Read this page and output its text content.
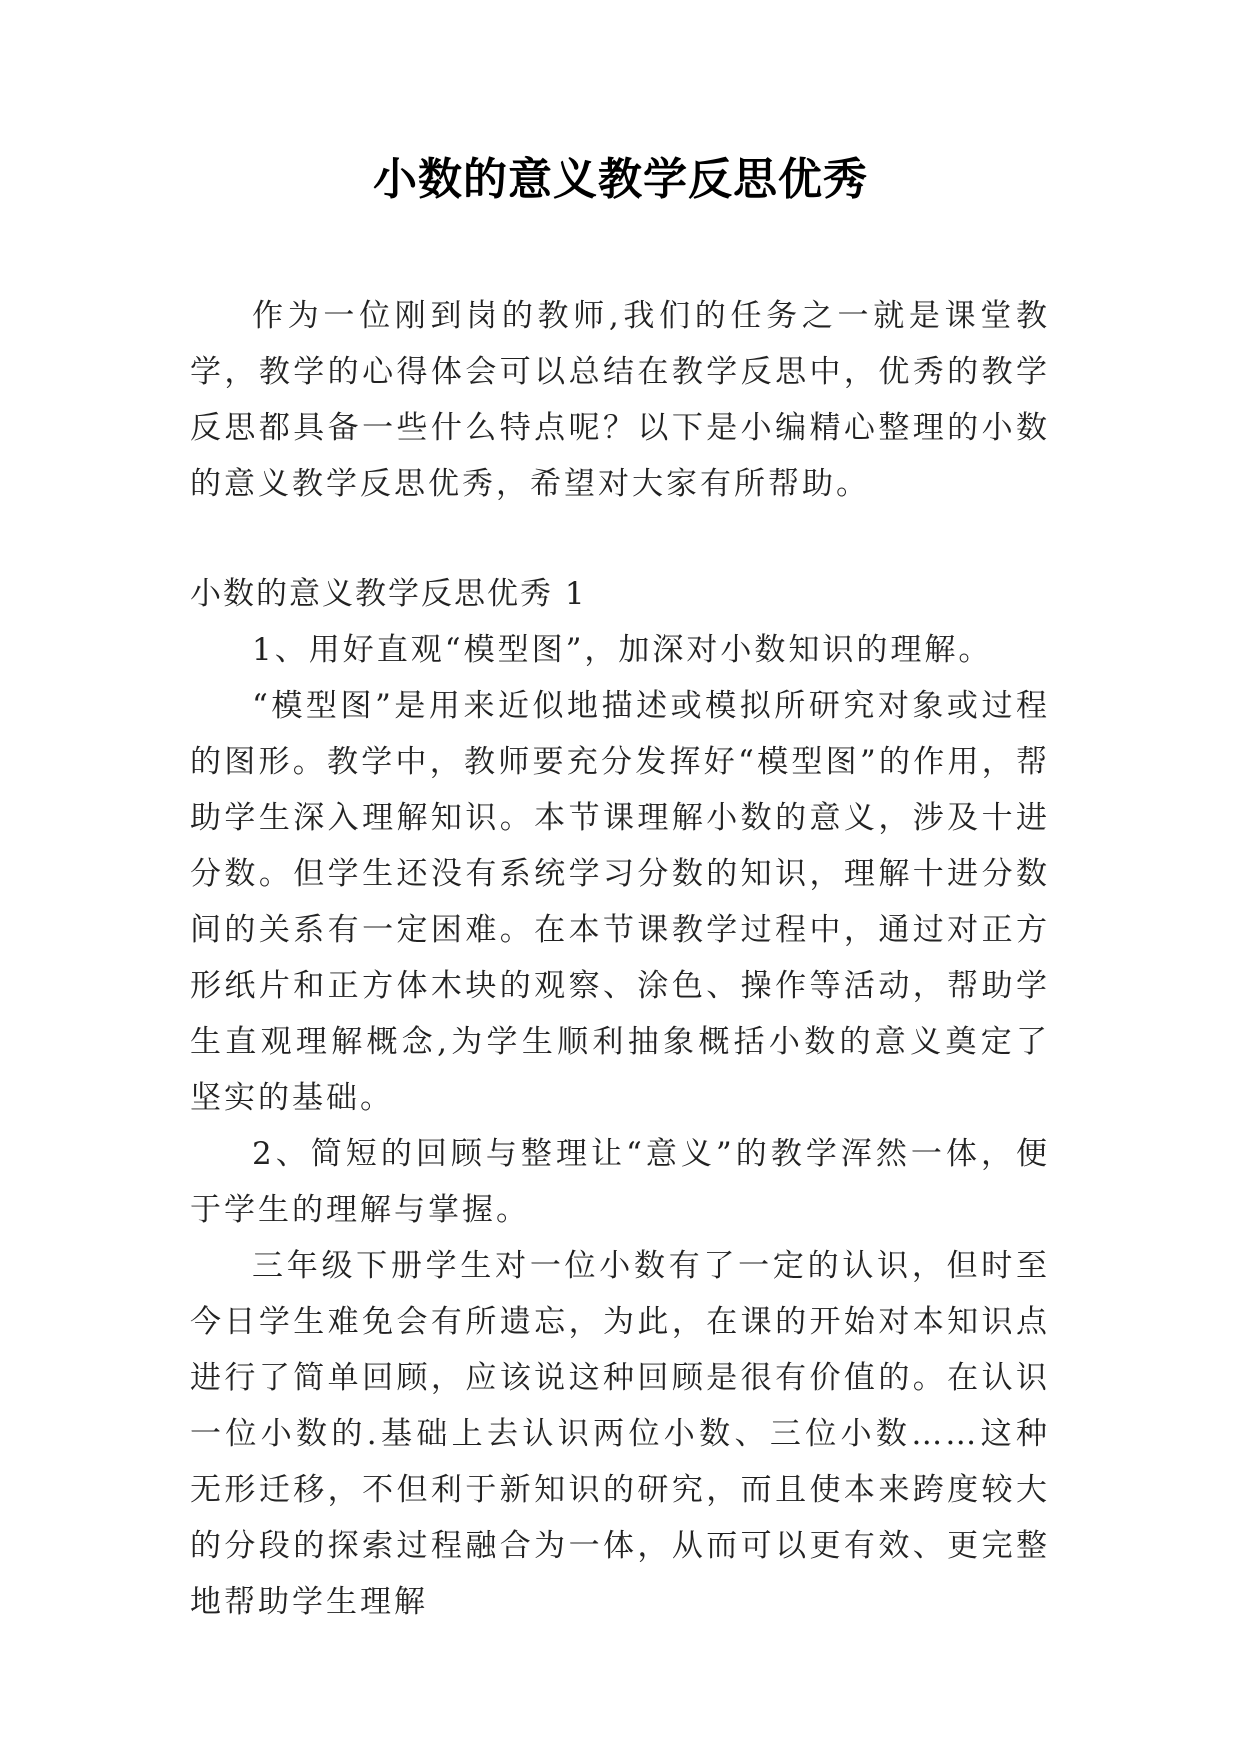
小数的意义教学反思优秀

作为一位刚到岗的教师,我们的任务之一就是课堂教学，教学的心得体会可以总结在教学反思中，优秀的教学反思都具备一些什么特点呢？以下是小编精心整理的小数的意义教学反思优秀，希望对大家有所帮助。

小数的意义教学反思优秀 1

1、用好直观“模型图”，加深对小数知识的理解。

“模型图”是用来近似地描述或模拟所研究对象或过程的图形。教学中，教师要充分发挥好“模型图”的作用，帮助学生深入理解知识。本节课理解小数的意义，涉及十进分数。但学生还没有系统学习分数的知识，理解十进分数间的关系有一定困难。在本节课教学过程中，通过对正方形纸片和正方体木块的观察、涂色、操作等活动，帮助学生直观理解概念,为学生顺利抽象概括小数的意义奠定了坚实的基础。

2、简短的回顾与整理让“意义”的教学浑然一体，便于学生的理解与掌握。

三年级下册学生对一位小数有了一定的认识，但时至今日学生难免会有所遗忘，为此，在课的开始对本知识点进行了简单回顾，应该说这种回顾是很有价值的。在认识一位小数的.基础上去认识两位小数、三位小数……这种无形迁移，不但利于新知识的研究，而且使本来跨度较大的分段的探索过程融合为一体，从而可以更有效、更完整地帮助学生理解
